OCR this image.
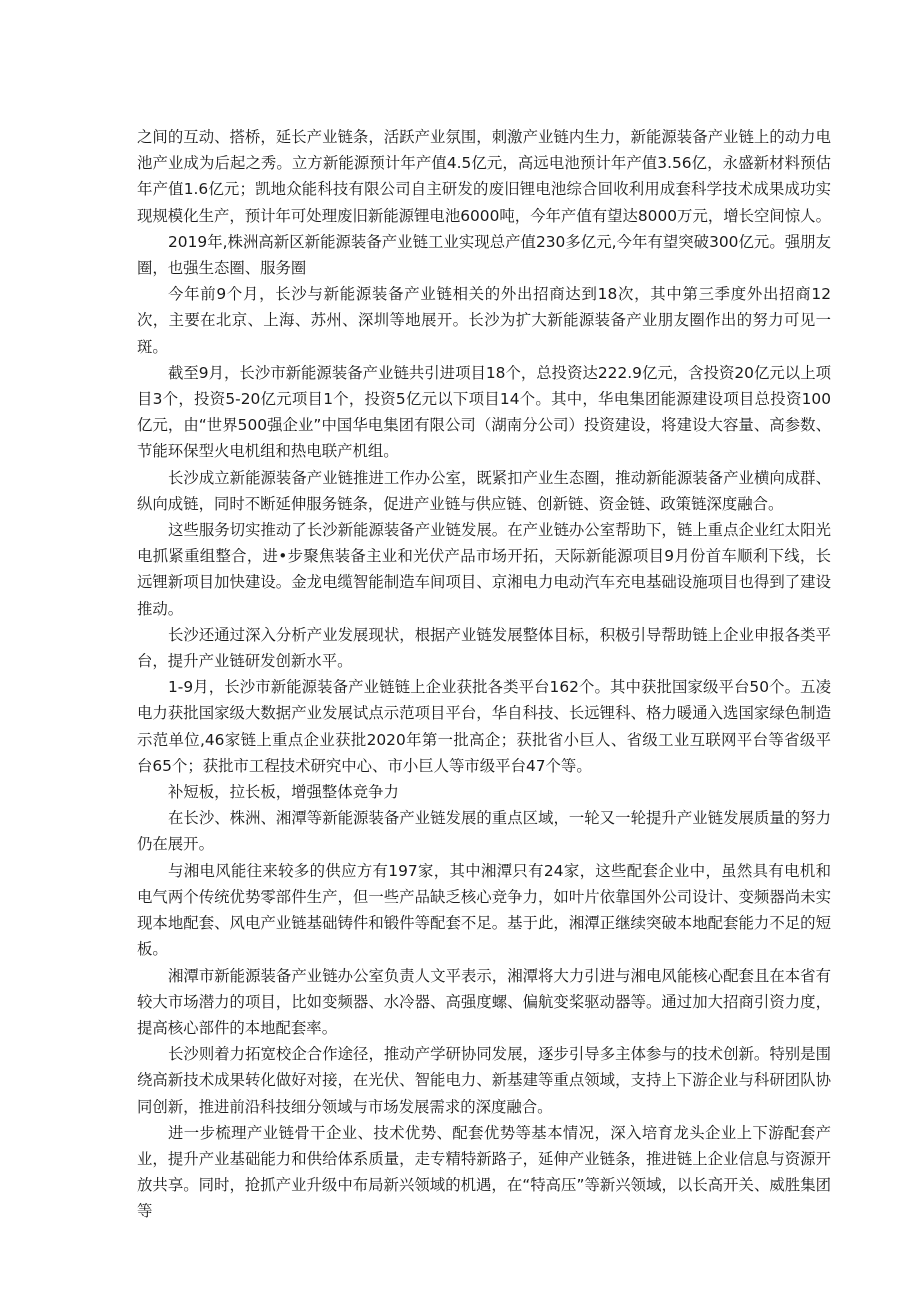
之间的互动、搭桥，延长产业链条，活跃产业氛围，刺激产业链内生力，新能源装备产业链上的动力电池产业成为后起之秀。立方新能源预计年产值4.5亿元，高远电池预计年产值3.56亿，永盛新材料预估年产值1.6亿元；凯地众能科技有限公司自主研发的废旧锂电池综合回收利用成套科学技术成果成功实现规模化生产，预计年可处理废旧新能源锂电池6000吨，今年产值有望达8000万元，增长空间惊人。

2019年,株洲高新区新能源装备产业链工业实现总产值230多亿元,今年有望突破300亿元。强朋友圈，也强生态圈、服务圈

今年前9个月，长沙与新能源装备产业链相关的外出招商达到18次，其中第三季度外出招商12次，主要在北京、上海、苏州、深圳等地展开。长沙为扩大新能源装备产业朋友圈作出的努力可见一斑。

截至9月，长沙市新能源装备产业链共引进项目18个，总投资达222.9亿元，含投资20亿元以上项目3个，投资5-20亿元项目1个，投资5亿元以下项目14个。其中，华电集团能源建设项目总投资100亿元，由“世界500强企业”中国华电集团有限公司（湖南分公司）投资建设，将建设大容量、高参数、节能环保型火电机组和热电联产机组。

长沙成立新能源装备产业链推进工作办公室，既紧扣产业生态圈，推动新能源装备产业横向成群、纵向成链，同时不断延伸服务链条，促进产业链与供应链、创新链、资金链、政策链深度融合。

这些服务切实推动了长沙新能源装备产业链发展。在产业链办公室帮助下，链上重点企业红太阳光电抓紧重组整合，进•步聚焦装备主业和光伏产品市场开拓，天际新能源项目9月份首车顺利下线，长远锂新项目加快建设。金龙电缆智能制造车间项目、京湘电力电动汽车充电基础设施项目也得到了建设推动。

长沙还通过深入分析产业发展现状，根据产业链发展整体目标，积极引导帮助链上企业申报各类平台，提升产业链研发创新水平。

1-9月，长沙市新能源装备产业链链上企业获批各类平台162个。其中获批国家级平台50个。五凌电力获批国家级大数据产业发展试点示范项目平台，华自科技、长远锂科、格力暖通入选国家绿色制造示范单位,46家链上重点企业获批2020年第一批高企；获批省小巨人、省级工业互联网平台等省级平台65个；获批市工程技术研究中心、市小巨人等市级平台47个等。

补短板，拉长板，增强整体竞争力

在长沙、株洲、湘潭等新能源装备产业链发展的重点区域，一轮又一轮提升产业链发展质量的努力仍在展开。

与湘电风能往来较多的供应方有197家，其中湘潭只有24家，这些配套企业中，虽然具有电机和电气两个传统优势零部件生产，但一些产品缺乏核心竞争力，如叶片依靠国外公司设计、变频器尚未实现本地配套、风电产业链基础铸件和锻件等配套不足。基于此，湘潭正继续突破本地配套能力不足的短板。

湘潭市新能源装备产业链办公室负责人文平表示，湘潭将大力引进与湘电风能核心配套且在本省有较大市场潜力的项目，比如变频器、水冷器、高强度螺、偏航变桨驱动器等。通过加大招商引资力度，提高核心部件的本地配套率。

长沙则着力拓宽校企合作途径，推动产学研协同发展，逐步引导多主体参与的技术创新。特别是围绕高新技术成果转化做好对接，在光伏、智能电力、新基建等重点领域，支持上下游企业与科研团队协同创新，推进前沿科技细分领域与市场发展需求的深度融合。

进一步梳理产业链骨干企业、技术优势、配套优势等基本情况，深入培育龙头企业上下游配套产业，提升产业基础能力和供给体系质量，走专精特新路子，延伸产业链条，推进链上企业信息与资源开放共享。同时，抢抓产业升级中布局新兴领域的机遇，在“特高压”等新兴领域，以长高开关、威胜集团等
